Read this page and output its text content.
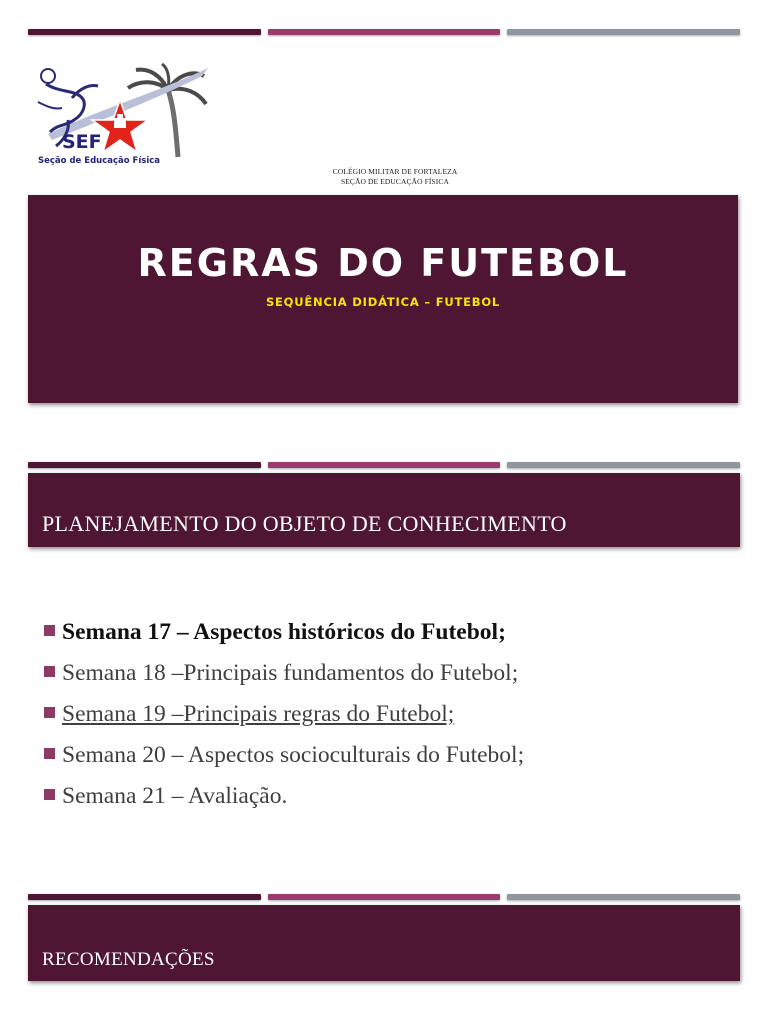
SEF
Seção de Educação Física
COLÉGIO MILITAR DE FORTALEZA
SEÇÃO DE EDUCAÇÃO FÍSICA
REGRAS DO FUTEBOL
SEQUÊNCIA DIDÁTICA – FUTEBOL
PLANEJAMENTO DO OBJETO DE CONHECIMENTO
Semana 17 – Aspectos históricos do Futebol;
Semana 18 –Principais fundamentos do Futebol;
Semana 19 –Principais regras do Futebol;
Semana 20 – Aspectos socioculturais do Futebol;
Semana 21 – Avaliação.
RECOMENDAÇÕES
